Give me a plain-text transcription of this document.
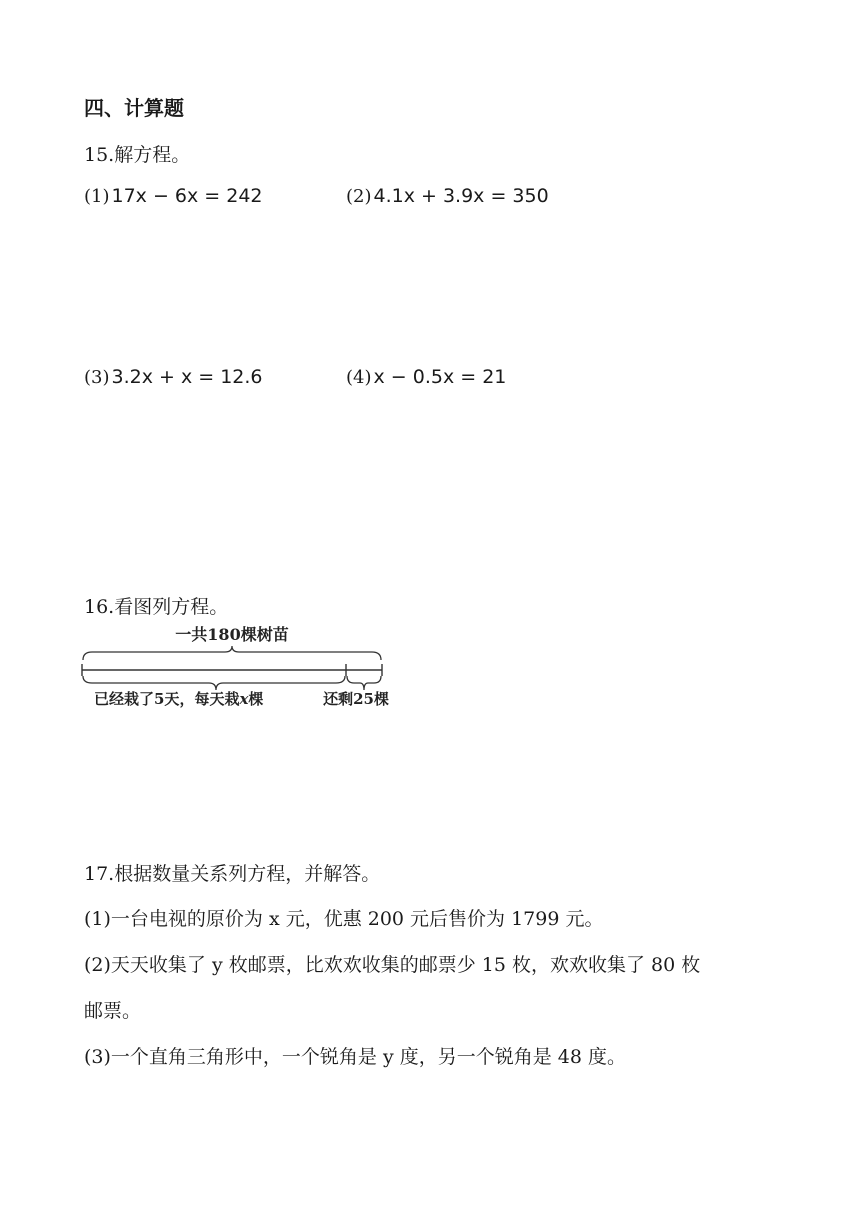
四、计算题
15.解方程。
(1) 17x − 6x = 242	(2) 4.1x + 3.9x = 350
(3) 3.2x + x = 12.6	(4) x − 0.5x = 21
16.看图列方程。
一共180棵树苗
已经栽了5天，每天栽x棵	还剩25棵
17.根据数量关系列方程，并解答。
(1)一台电视的原价为 x 元，优惠 200 元后售价为 1799 元。
(2)天天收集了 y 枚邮票，比欢欢收集的邮票少 15 枚，欢欢收集了 80 枚
邮票。
(3)一个直角三角形中，一个锐角是 y 度，另一个锐角是 48 度。
